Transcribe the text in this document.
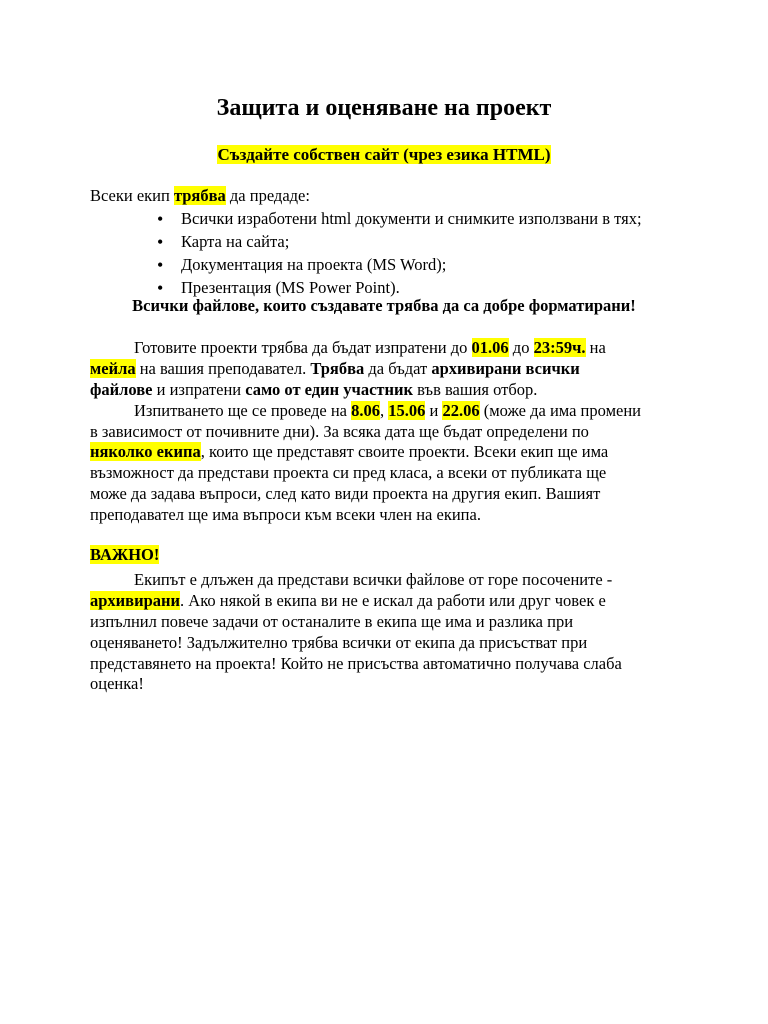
Защита и оценяване на проект
Създайте собствен сайт (чрез езика HTML)
Всеки екип трябва да предаде:
• Всички изработени html документи и снимките използвани в тях;
• Карта на сайта;
• Документация на проекта (MS Word);
• Презентация (MS Power Point).
Всички файлове, които създавате трябва да са добре форматирани!
Готовите проекти трябва да бъдат изпратени до 01.06 до 23:59ч. на
мейла на вашия преподавател. Трябва да бъдат архивирани всички
файлове и изпратени само от един участник във вашия отбор.
Изпитването ще се проведе на 8.06, 15.06 и 22.06 (може да има промени
в зависимост от почивните дни). За всяка дата ще бъдат определени по
няколко екипа, които ще представят своите проекти. Всеки екип ще има
възможност да представи проекта си пред класа, а всеки от публиката ще
може да задава въпроси, след като види проекта на другия екип. Вашият
преподавател ще има въпроси към всеки член на екипа.
ВАЖНО!
Екипът е длъжен да представи всички файлове от горе посочените -
архивирани. Ако някой в екипа ви не е искал да работи или друг човек е
изпълнил повече задачи от останалите в екипа ще има и разлика при
оценяването! Задължително трябва всички от екипа да присъстват при
представянето на проекта! Който не присъства автоматично получава слаба
оценка!
